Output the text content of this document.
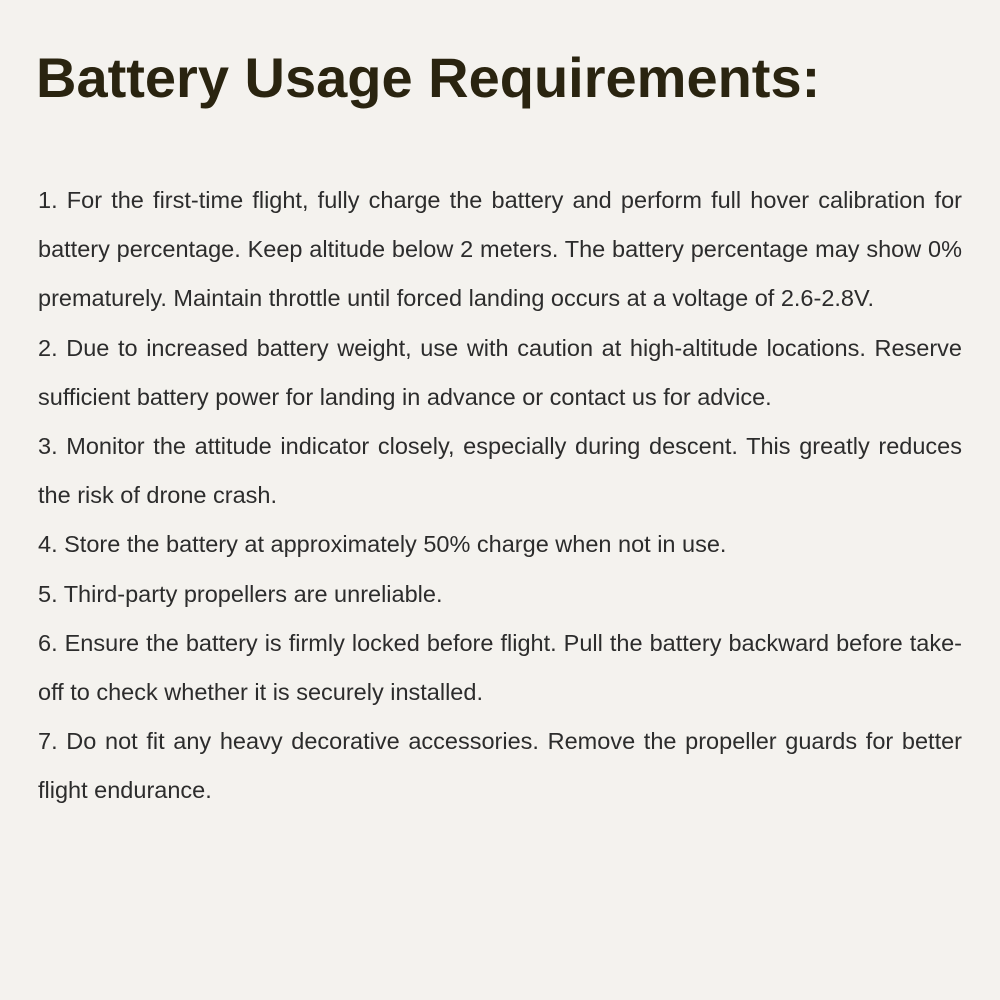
Battery Usage Requirements:

1. For the first-time flight, fully charge the battery and perform full hover calibration for battery percentage. Keep altitude below 2 meters. The battery percentage may show 0% prematurely. Maintain throttle until forced landing occurs at a voltage of 2.6-2.8V.

2. Due to increased battery weight, use with caution at high-altitude locations. Reserve sufficient battery power for landing in advance or contact us for advice.

3. Monitor the attitude indicator closely, especially during descent. This greatly reduces the risk of drone crash.

4. Store the battery at approximately 50% charge when not in use.

5. Third-party propellers are unreliable.

6. Ensure the battery is firmly locked before flight. Pull the battery backward before take-off to check whether it is securely installed.

7. Do not fit any heavy decorative accessories. Remove the propeller guards for better flight endurance.
